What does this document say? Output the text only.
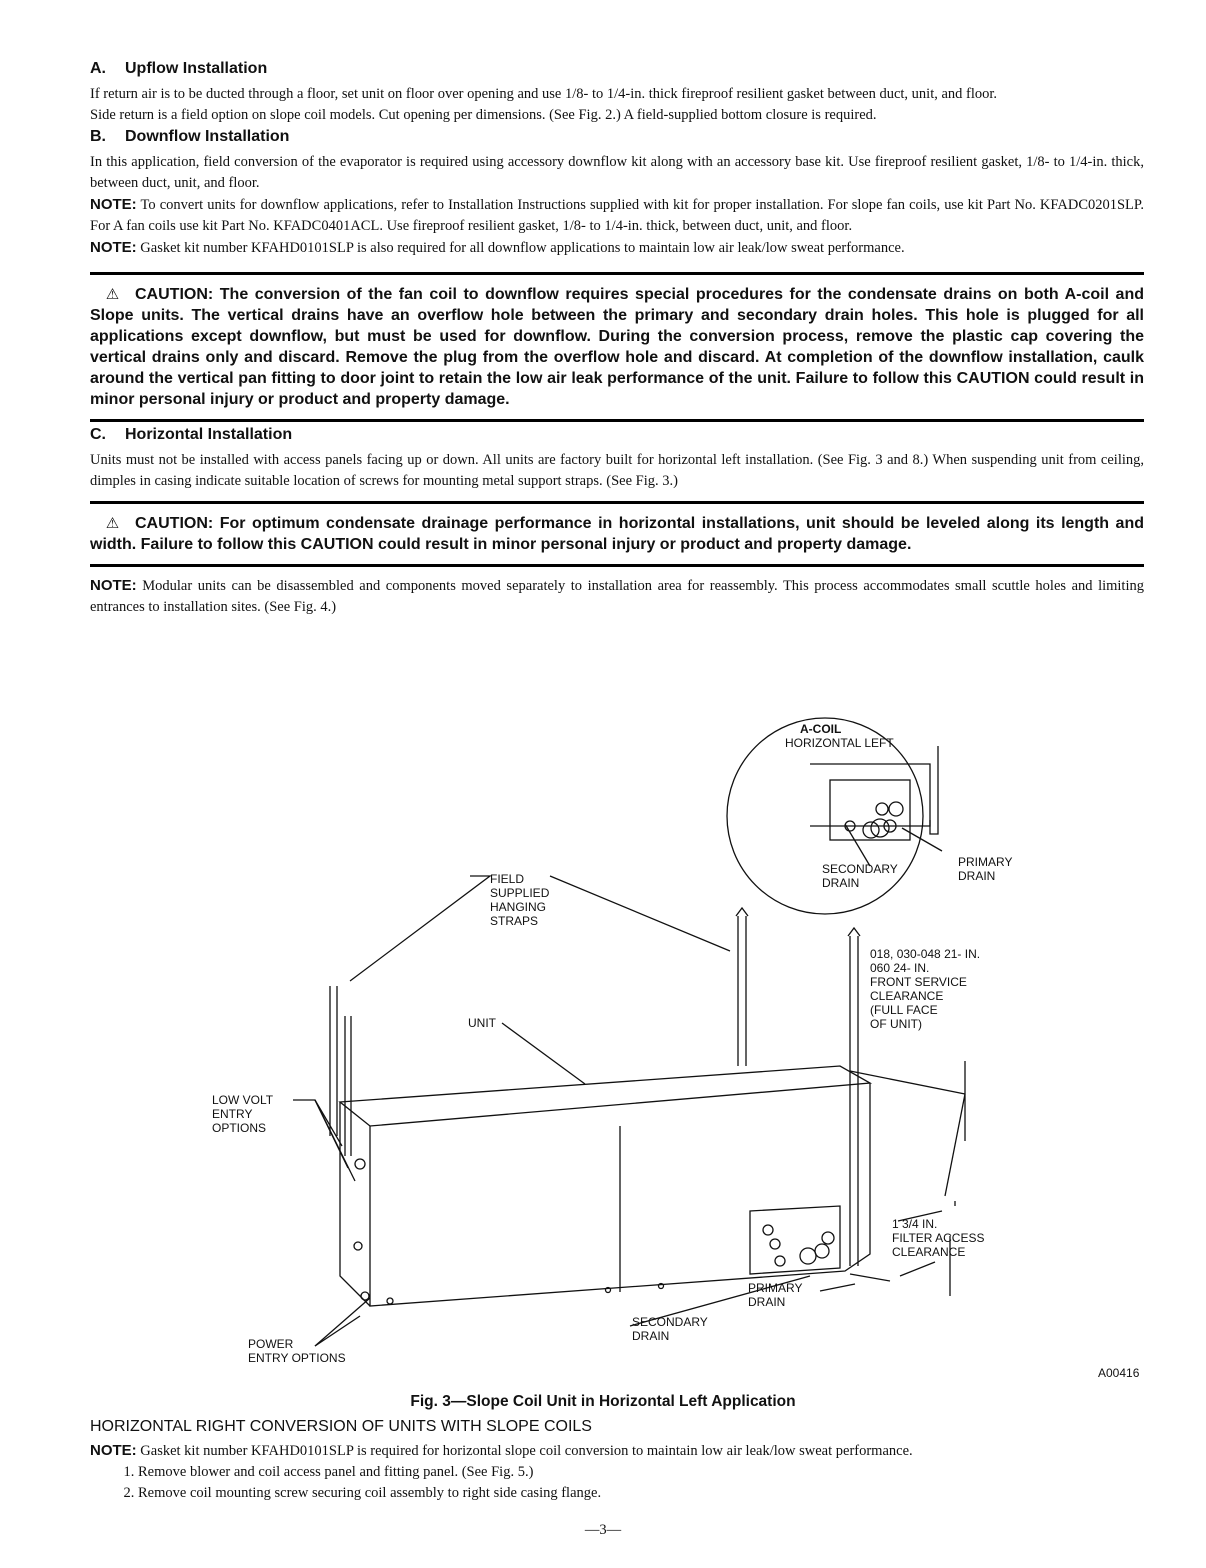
A. Upflow Installation

If return air is to be ducted through a floor, set unit on floor over opening and use 1/8- to 1/4-in. thick fireproof resilient gasket between duct, unit, and floor.

Side return is a field option on slope coil models. Cut opening per dimensions. (See Fig. 2.) A field-supplied bottom closure is required.

B. Downflow Installation

In this application, field conversion of the evaporator is required using accessory downflow kit along with an accessory base kit. Use fireproof resilient gasket, 1/8- to 1/4-in. thick, between duct, unit, and floor.

NOTE: To convert units for downflow applications, refer to Installation Instructions supplied with kit for proper installation. For slope fan coils, use kit Part No. KFADC0201SLP. For A fan coils use kit Part No. KFADC0401ACL. Use fireproof resilient gasket, 1/8- to 1/4-in. thick, between duct, unit, and floor.

NOTE: Gasket kit number KFAHD0101SLP is also required for all downflow applications to maintain low air leak/low sweat performance.

⚠ CAUTION: The conversion of the fan coil to downflow requires special procedures for the condensate drains on both A-coil and Slope units. The vertical drains have an overflow hole between the primary and secondary drain holes. This hole is plugged for all applications except downflow, but must be used for downflow. During the conversion process, remove the plastic cap covering the vertical drains only and discard. Remove the plug from the overflow hole and discard. At completion of the downflow installation, caulk around the vertical pan fitting to door joint to retain the low air leak performance of the unit. Failure to follow this CAUTION could result in minor personal injury or product and property damage.
C. Horizontal Installation

Units must not be installed with access panels facing up or down. All units are factory built for horizontal left installation. (See Fig. 3 and 8.) When suspending unit from ceiling, dimples in casing indicate suitable location of screws for mounting metal support straps. (See Fig. 3.)

⚠ CAUTION: For optimum condensate drainage performance in horizontal installations, unit should be leveled along its length and width. Failure to follow this CAUTION could result in minor personal injury or product and property damage.

NOTE: Modular units can be disassembled and components moved separately to installation area for reassembly. This process accommodates small scuttle holes and limiting entrances to installation sites. (See Fig. 4.)

A-COIL
HORIZONTAL LEFT
SECONDARY
DRAIN
PRIMARY
DRAIN
FIELD
SUPPLIED
HANGING
STRAPS
018, 030-048 21- IN.
060 24- IN.
FRONT SERVICE
CLEARANCE
(FULL FACE
OF UNIT)
UNIT
LOW VOLT
ENTRY
OPTIONS
1 3/4 IN.
FILTER ACCESS
CLEARANCE
PRIMARY
DRAIN
SECONDARY
DRAIN
POWER
ENTRY OPTIONS
A00416
Fig. 3—Slope Coil Unit in Horizontal Left Application
HORIZONTAL RIGHT CONVERSION OF UNITS WITH SLOPE COILS

NOTE: Gasket kit number KFAHD0101SLP is required for horizontal slope coil conversion to maintain low air leak/low sweat performance.

1. Remove blower and coil access panel and fitting panel. (See Fig. 5.)
2. Remove coil mounting screw securing coil assembly to right side casing flange.
—3—
